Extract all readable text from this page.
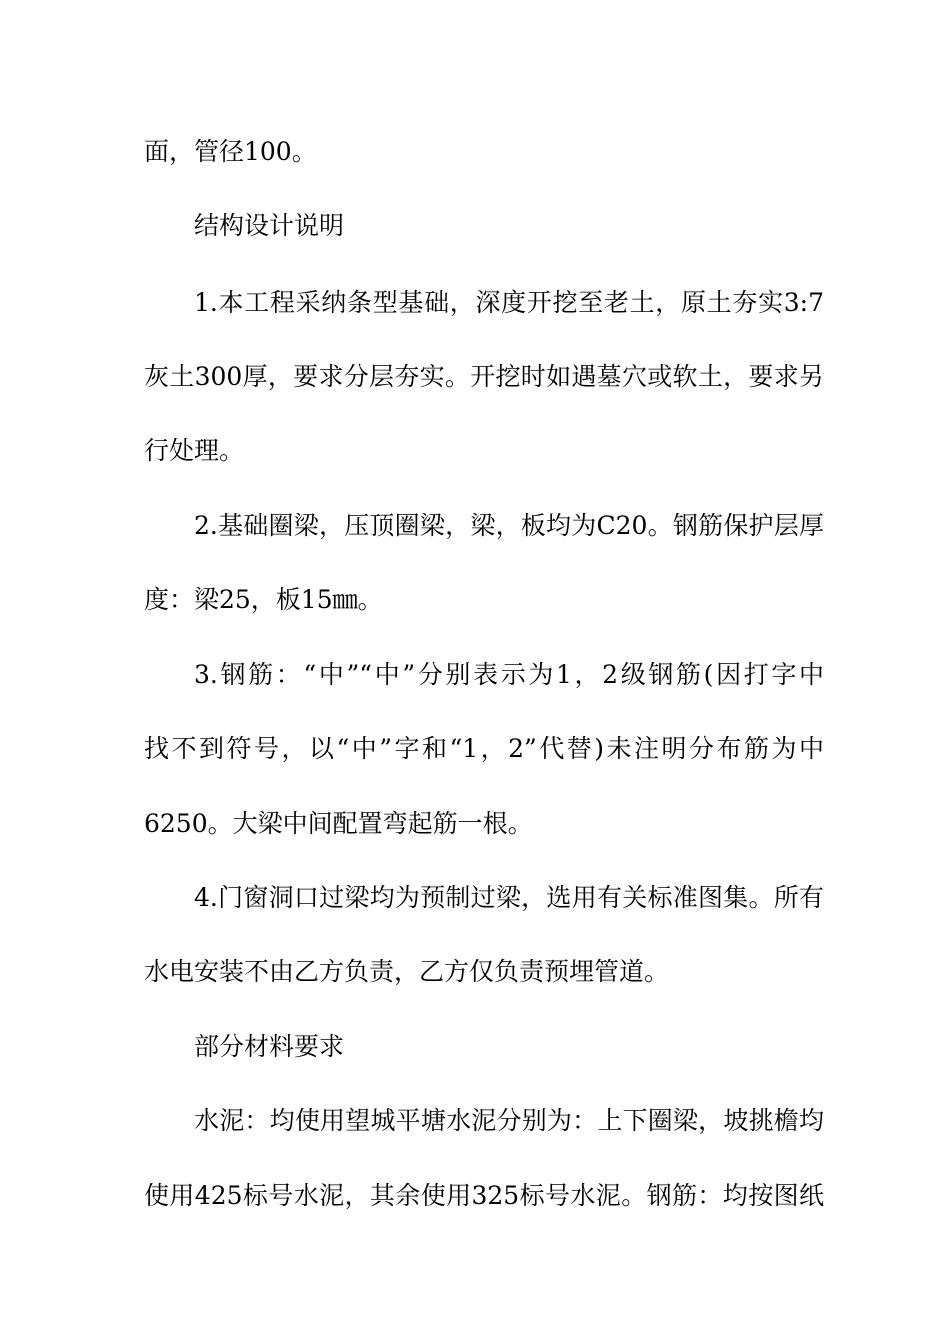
面，管径100。
结构设计说明
1.本工程采纳条型基础，深度开挖至老土，原土夯实3:7
灰土300厚，要求分层夯实。开挖时如遇墓穴或软土，要求另
行处理。
2.基础圈梁，压顶圈梁，梁，板均为C20。钢筋保护层厚
度：梁25，板15㎜。
3.钢筋：“中”“中”分别表示为1，2级钢筋(因打字中
找不到符号，以“中”字和“1，2”代替)未注明分布筋为中
6250。大梁中间配置弯起筋一根。
4.门窗洞口过梁均为预制过梁，选用有关标准图集。所有
水电安装不由乙方负责，乙方仅负责预埋管道。
部分材料要求
水泥：均使用望城平塘水泥分别为：上下圈梁，坡挑檐均
使用425标号水泥，其余使用325标号水泥。钢筋：均按图纸
